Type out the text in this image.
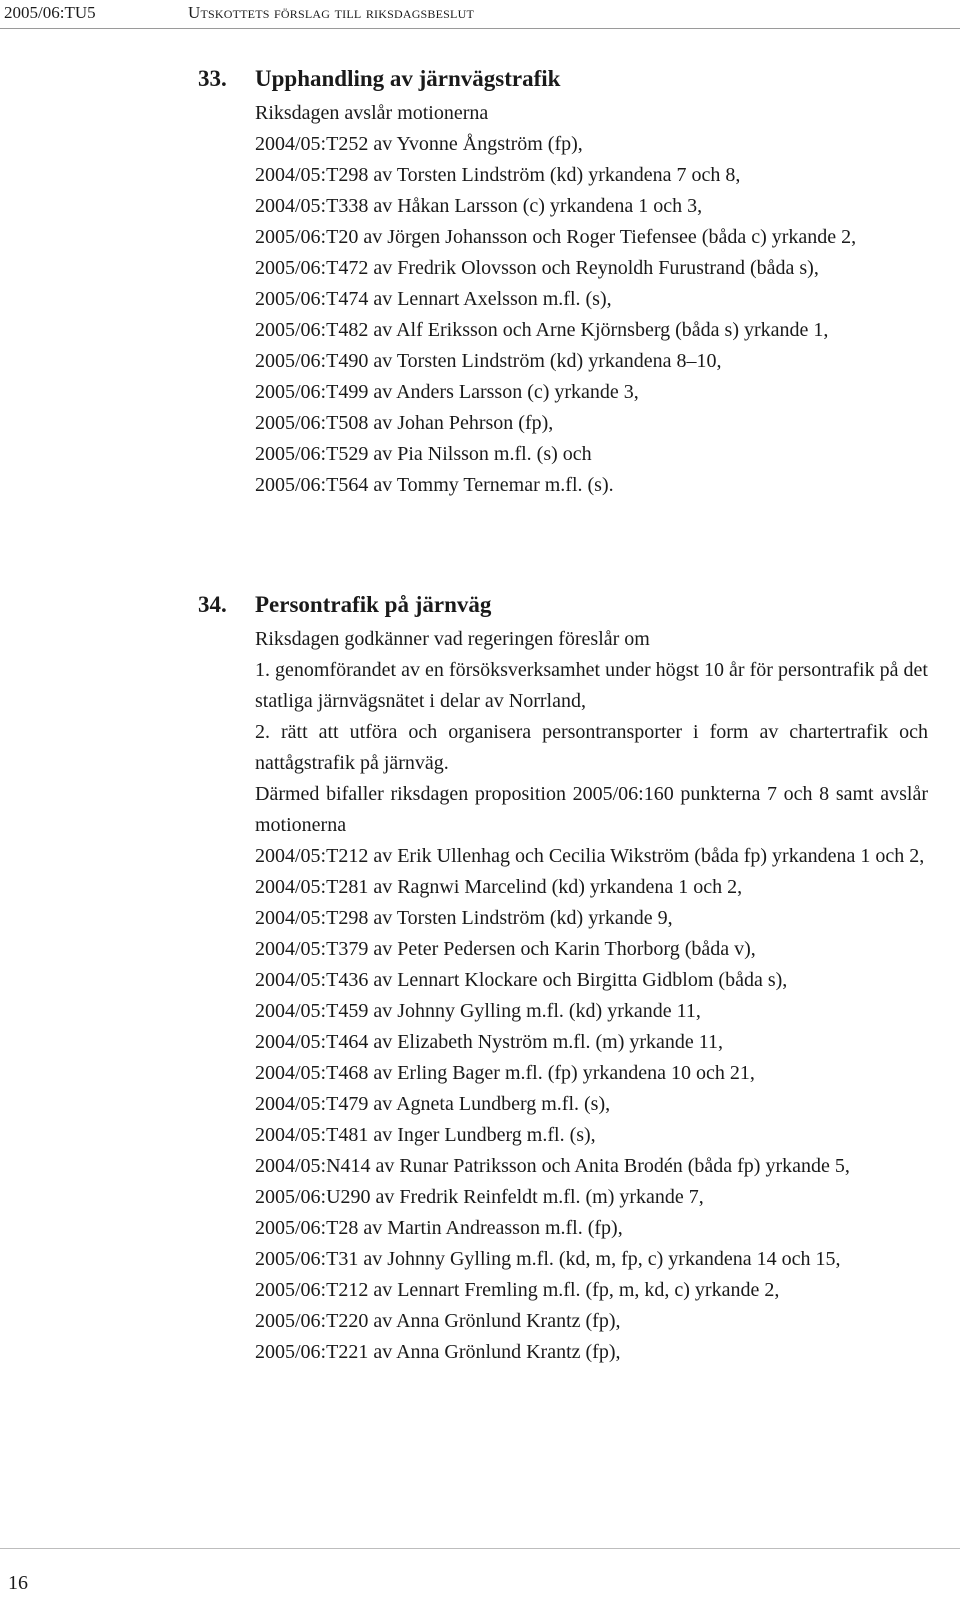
2005/06:TU5	Utskottets förslag till riksdagsbeslut
33. Upphandling av järnvägstrafik
Riksdagen avslår motionerna
2004/05:T252 av Yvonne Ångström (fp),
2004/05:T298 av Torsten Lindström (kd) yrkandena 7 och 8,
2004/05:T338 av Håkan Larsson (c) yrkandena 1 och 3,
2005/06:T20 av Jörgen Johansson och Roger Tiefensee (båda c) yrkande 2,
2005/06:T472 av Fredrik Olovsson och Reynoldh Furustrand (båda s),
2005/06:T474 av Lennart Axelsson m.fl. (s),
2005/06:T482 av Alf Eriksson och Arne Kjörnsberg (båda s) yrkande 1,
2005/06:T490 av Torsten Lindström (kd) yrkandena 8–10,
2005/06:T499 av Anders Larsson (c) yrkande 3,
2005/06:T508 av Johan Pehrson (fp),
2005/06:T529 av Pia Nilsson m.fl. (s) och
2005/06:T564 av Tommy Ternemar m.fl. (s).
34. Persontrafik på järnväg
Riksdagen godkänner vad regeringen föreslår om
1. genomförandet av en försöksverksamhet under högst 10 år för persontrafik på det statliga järnvägsnätet i delar av Norrland,
2. rätt att utföra och organisera persontransporter i form av chartertrafik och nattågstrafik på järnväg.
Därmed bifaller riksdagen proposition 2005/06:160 punkterna 7 och 8 samt avslår motionerna
2004/05:T212 av Erik Ullenhag och Cecilia Wikström (båda fp) yrkandena 1 och 2,
2004/05:T281 av Ragnwi Marcelind (kd) yrkandena 1 och 2,
2004/05:T298 av Torsten Lindström (kd) yrkande 9,
2004/05:T379 av Peter Pedersen och Karin Thorborg (båda v),
2004/05:T436 av Lennart Klockare och Birgitta Gidblom (båda s),
2004/05:T459 av Johnny Gylling m.fl. (kd) yrkande 11,
2004/05:T464 av Elizabeth Nyström m.fl. (m) yrkande 11,
2004/05:T468 av Erling Bager m.fl. (fp) yrkandena 10 och 21,
2004/05:T479 av Agneta Lundberg m.fl. (s),
2004/05:T481 av Inger Lundberg m.fl. (s),
2004/05:N414 av Runar Patriksson och Anita Brodén (båda fp) yrkande 5,
2005/06:U290 av Fredrik Reinfeldt m.fl. (m) yrkande 7,
2005/06:T28 av Martin Andreasson m.fl. (fp),
2005/06:T31 av Johnny Gylling m.fl. (kd, m, fp, c) yrkandena 14 och 15,
2005/06:T212 av Lennart Fremling m.fl. (fp, m, kd, c) yrkande 2,
2005/06:T220 av Anna Grönlund Krantz (fp),
2005/06:T221 av Anna Grönlund Krantz (fp),
16
